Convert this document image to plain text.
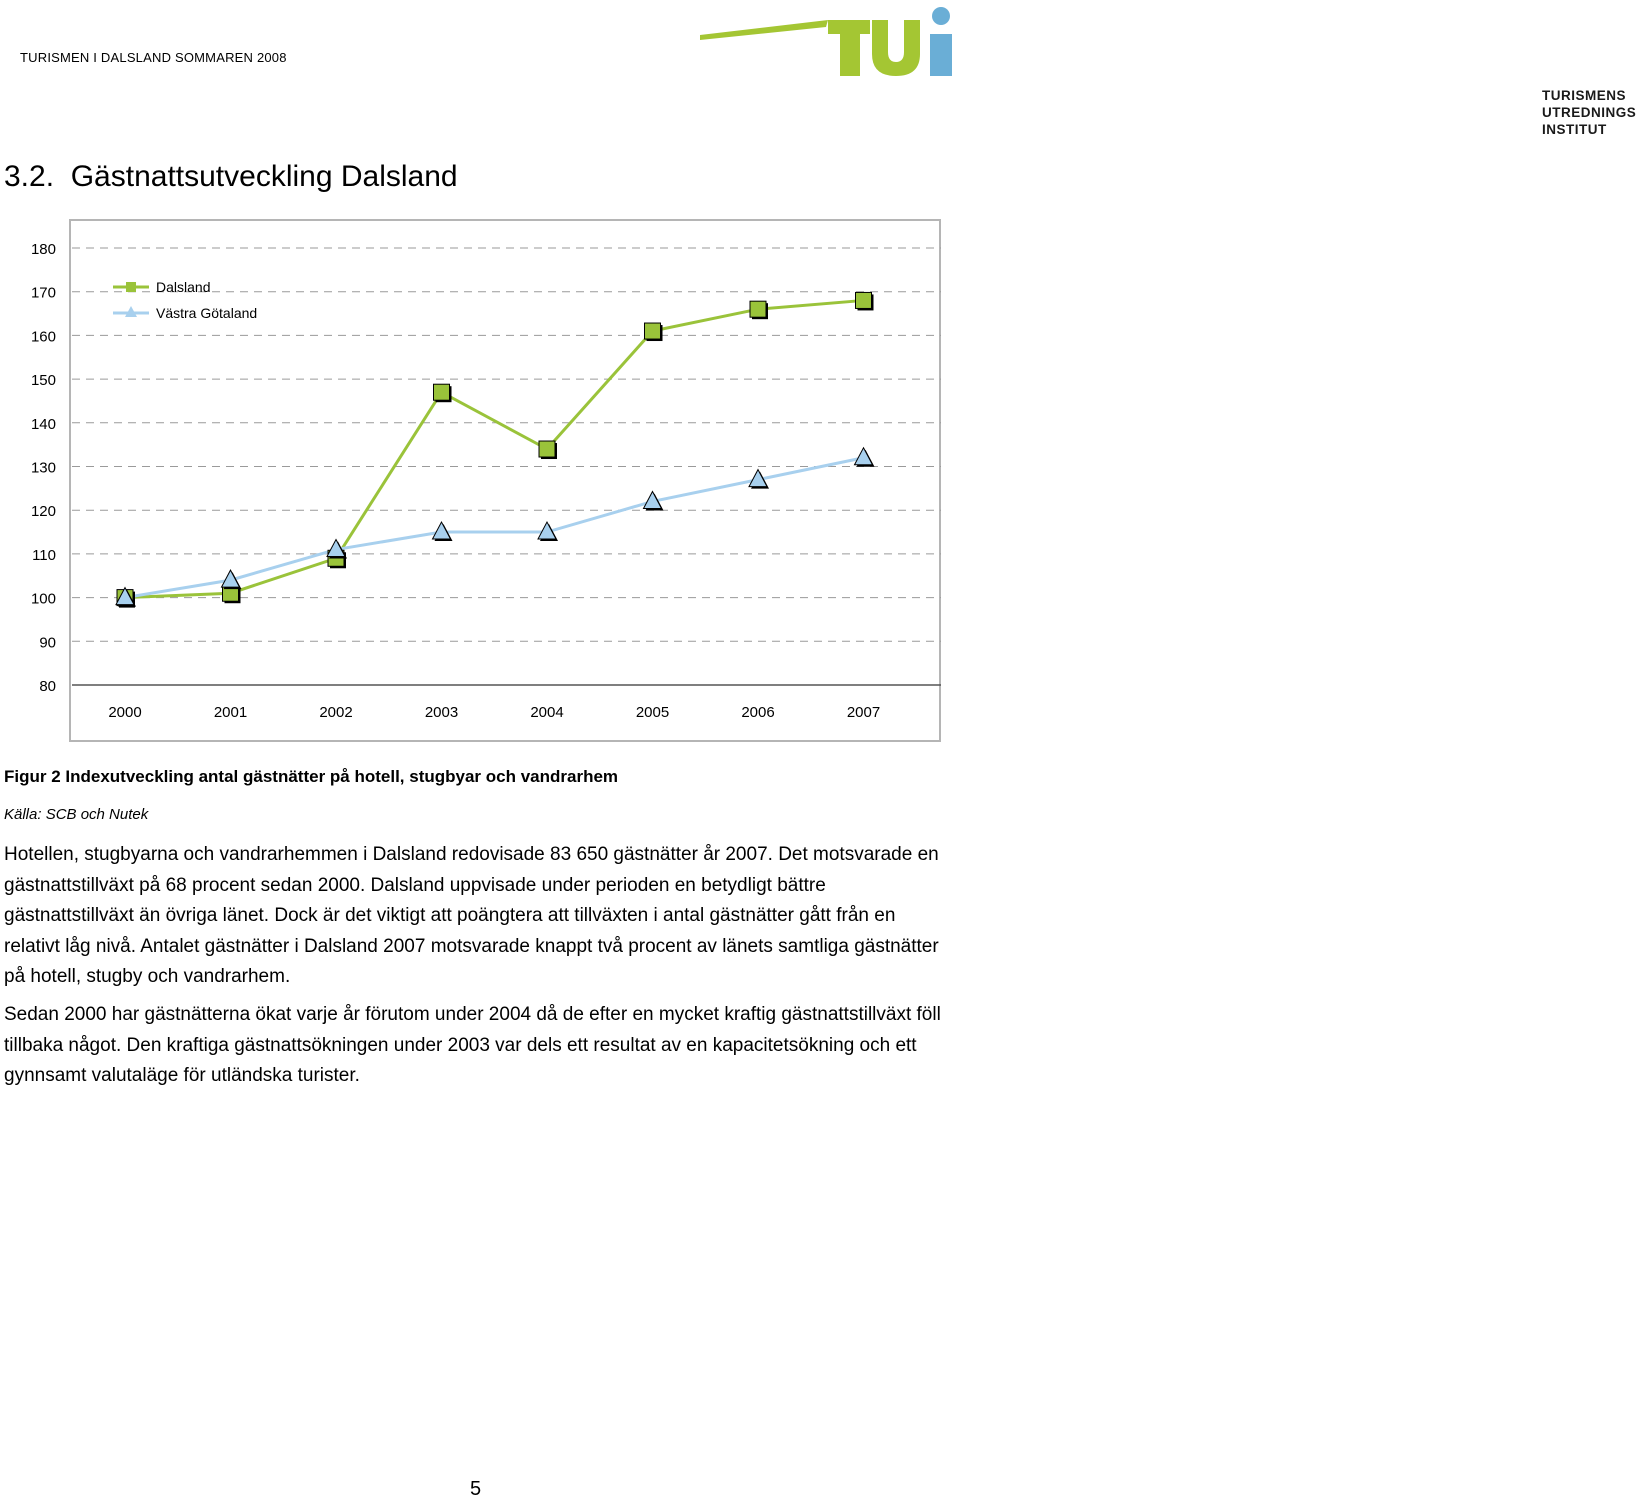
TURISMEN I DALSLAND SOMMAREN 2008
TURISMENS
UTREDNINGS
INSTITUT
3.2. Gästnattsutveckling Dalsland
2000	2001	2002	2003	2004	2005	2006	2007
Dalsland
Västra Götaland
80
90
100
110
120
130
140
150
160
170
180
Figur 2 Indexutveckling antal gästnätter på hotell, stugbyar och vandrarhem
Källa: SCB och Nutek

Hotellen, stugbyarna och vandrarhemmen i Dalsland redovisade 83 650 gästnätter år 2007. Det motsvarade en gästnattstillväxt på 68 procent sedan 2000. Dalsland uppvisade under perioden en betydligt bättre gästnattstillväxt än övriga länet. Dock är det viktigt att poängtera att tillväxten i antal gästnätter gått från en relativt låg nivå. Antalet gästnätter i Dalsland 2007 motsvarade knappt två procent av länets samtliga gästnätter på hotell, stugby och vandrarhem.

Sedan 2000 har gästnätterna ökat varje år förutom under 2004 då de efter en mycket kraftig gästnattstillväxt föll tillbaka något. Den kraftiga gästnattsökningen under 2003 var dels ett resultat av en kapacitetsökning och ett gynnsamt valutaläge för utländska turister.

5
